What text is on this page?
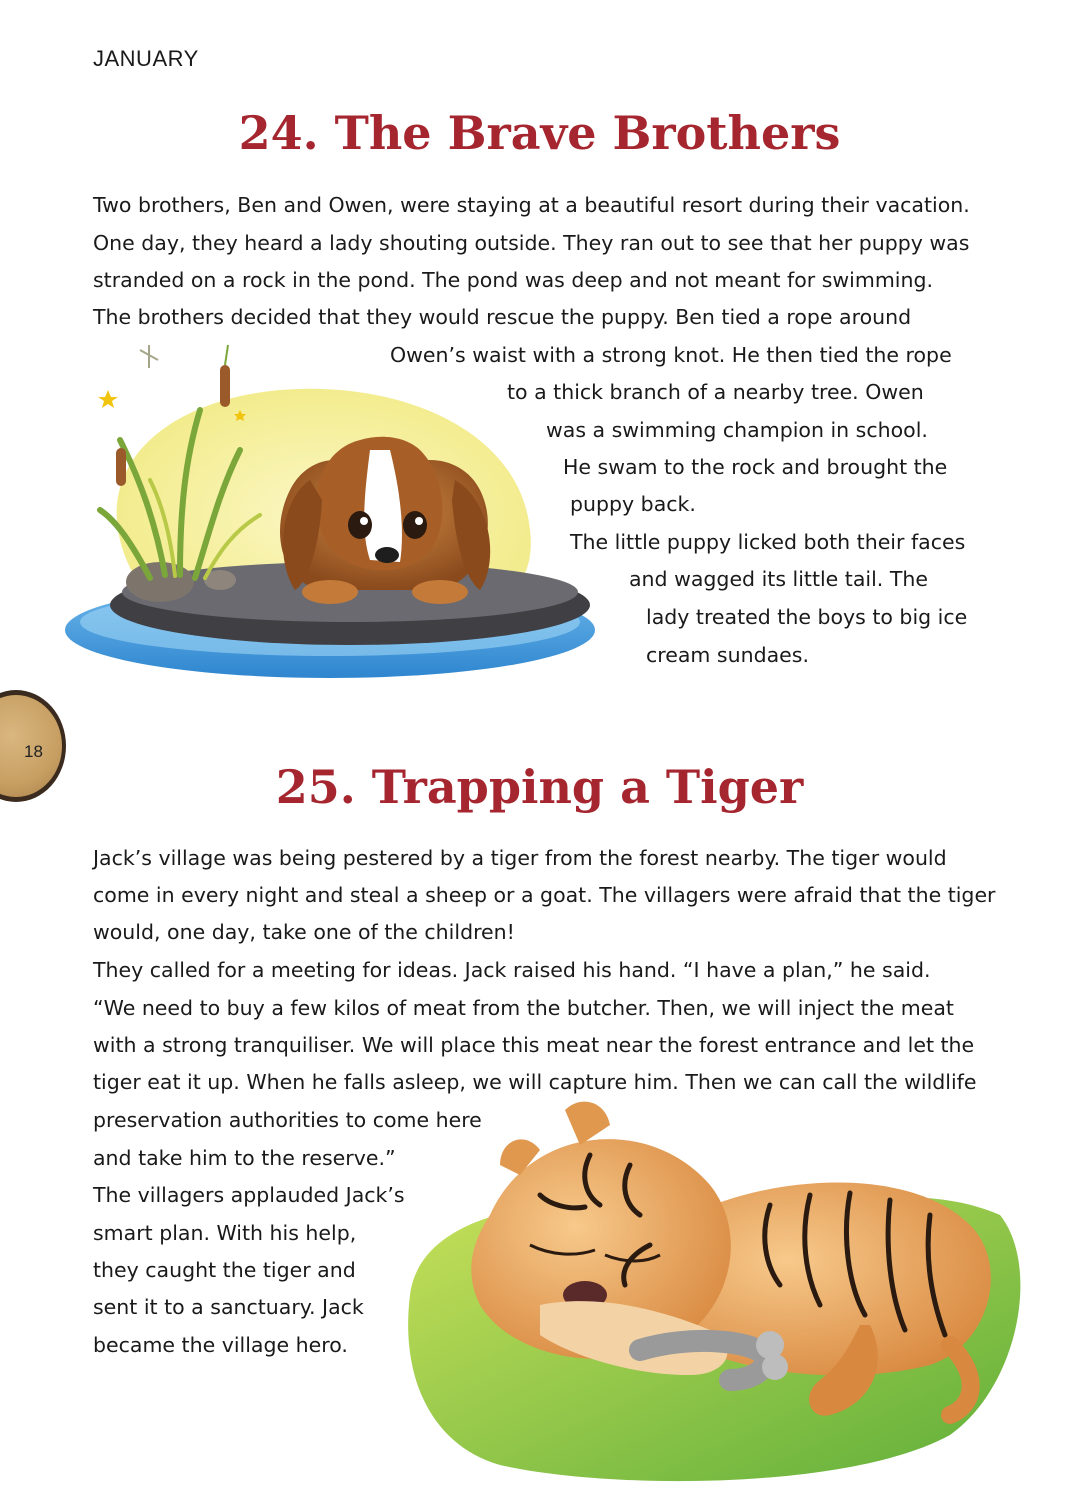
JANUARY
24. The Brave Brothers
Two brothers, Ben and Owen, were staying at a beautiful resort during their vacation.
One day, they heard a lady shouting outside. They ran out to see that her puppy was
stranded on a rock in the pond. The pond was deep and not meant for swimming.
The brothers decided that they would rescue the puppy. Ben tied a rope around
Owen’s waist with a strong knot. He then tied the rope
to a thick branch of a nearby tree. Owen
was a swimming champion in school.
He swam to the rock and brought the
puppy back.
The little puppy licked both their faces
and wagged its little tail. The
lady treated the boys to big ice
cream sundaes.
18
25. Trapping a Tiger
Jack’s village was being pestered by a tiger from the forest nearby. The tiger would
come in every night and steal a sheep or a goat. The villagers were afraid that the tiger
would, one day, take one of the children!
They called for a meeting for ideas. Jack raised his hand. “I have a plan,” he said.
“We need to buy a few kilos of meat from the butcher. Then, we will inject the meat
with a strong tranquiliser. We will place this meat near the forest entrance and let the
tiger eat it up. When he falls asleep, we will capture him. Then we can call the wildlife
preservation authorities to come here
and take him to the reserve.”
The villagers applauded Jack’s
smart plan. With his help,
they caught the tiger and
sent it to a sanctuary. Jack
became the village hero.
